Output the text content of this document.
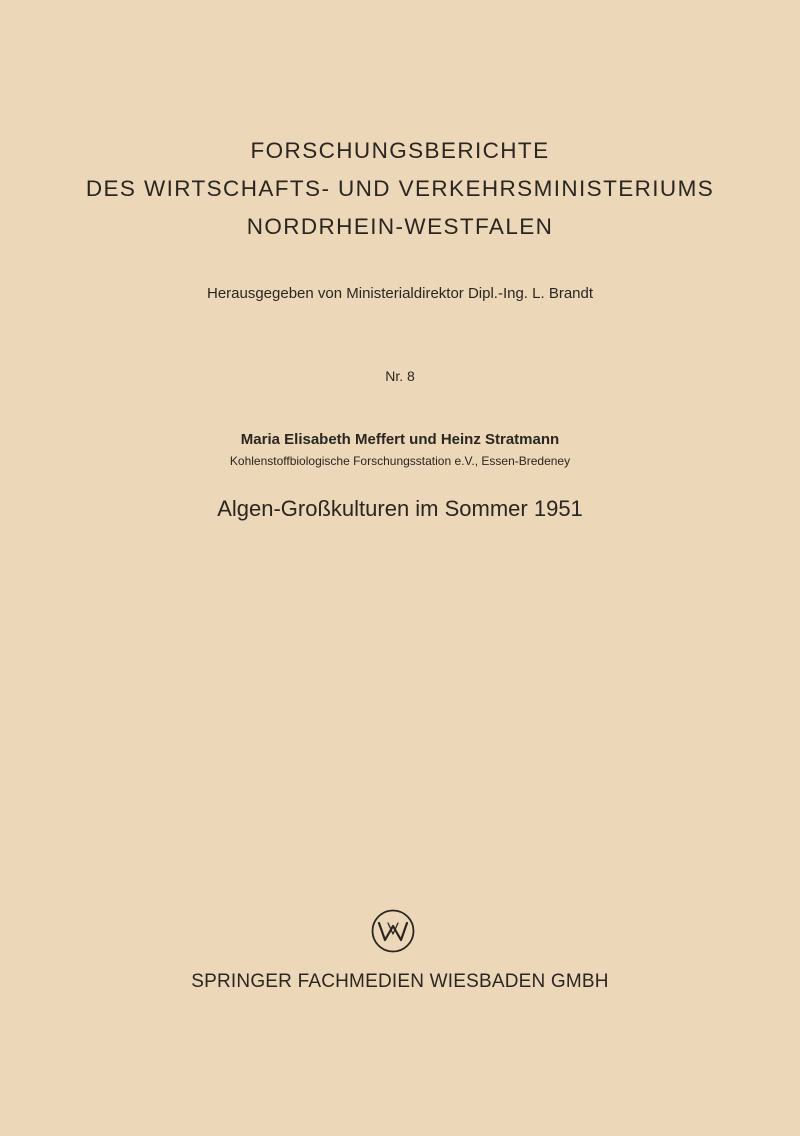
FORSCHUNGSBERICHTE
DES WIRTSCHAFTS- UND VERKEHRSMINISTERIUMS
NORDRHEIN-WESTFALEN
Herausgegeben von Ministerialdirektor Dipl.-Ing. L. Brandt
Nr. 8
Maria Elisabeth Meffert und Heinz Stratmann
Kohlenstoffbiologische Forschungsstation e.V., Essen-Bredeney
Algen-Großkulturen im Sommer 1951
SPRINGER FACHMEDIEN WIESBADEN GMBH
